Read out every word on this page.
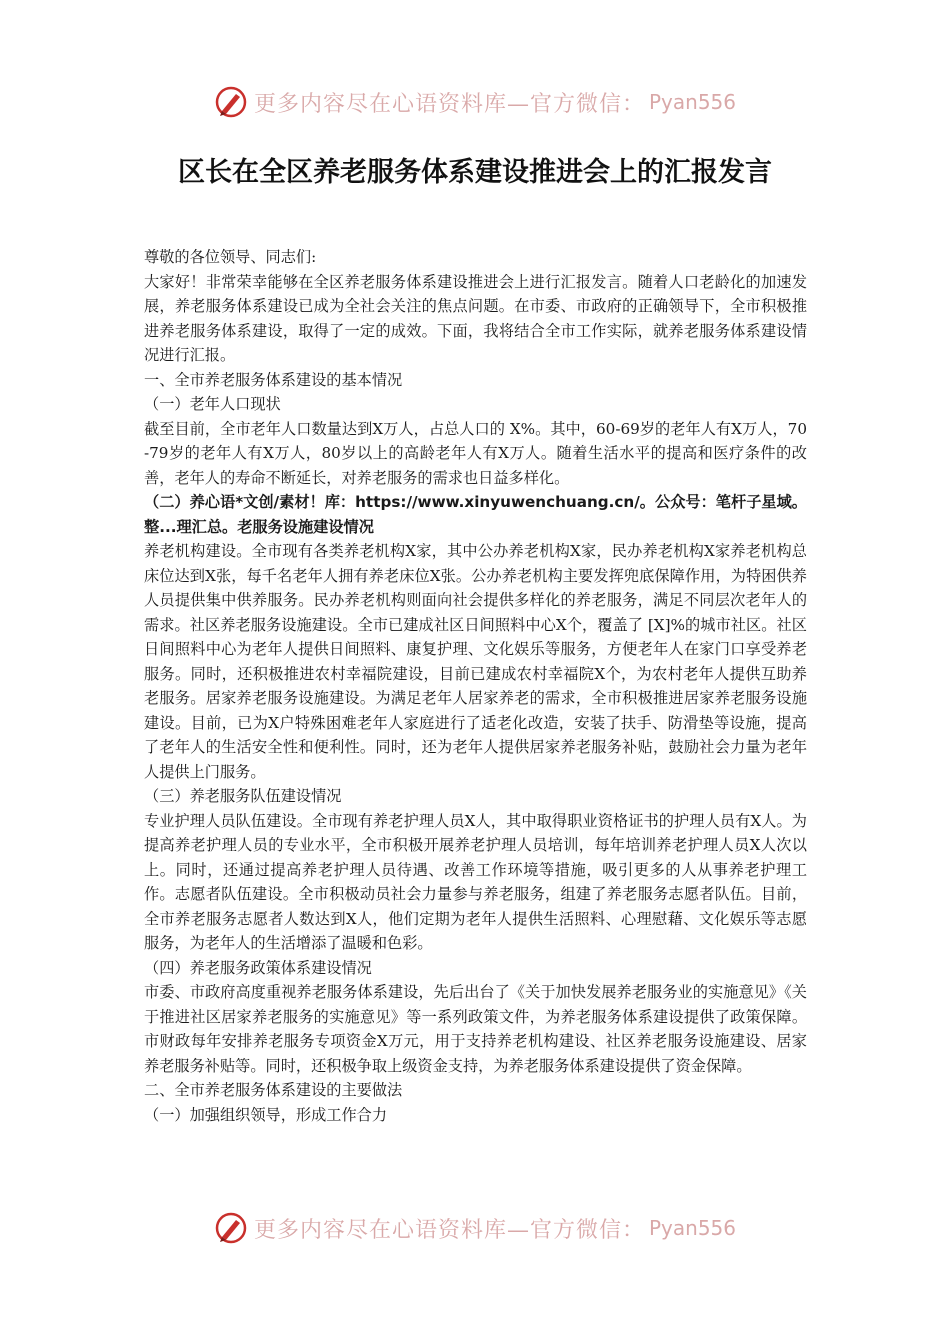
更多内容尽在心语资料库—官方微信： Pyan556
区长在全区养老服务体系建设推进会上的汇报发言

尊敬的各位领导、同志们:

大家好！非常荣幸能够在全区养老服务体系建设推进会上进行汇报发言。随着人口老龄化的加速发展，养老服务体系建设已成为全社会关注的焦点问题。在市委、市政府的正确领导下，全市积极推进养老服务体系建设，取得了一定的成效。下面，我将结合全市工作实际，就养老服务体系建设情况进行汇报。

一、全市养老服务体系建设的基本情况

（一）老年人口现状

截至目前，全市老年人口数量达到X万人，占总人口的 X%。其中，60-69岁的老年人有X万人，70-79岁的老年人有X万人，80岁以上的高龄老年人有X万人。随着生活水平的提高和医疗条件的改善，老年人的寿命不断延长，对养老服务的需求也日益多样化。

（二）养心语*文创/素材！库：https://www.xinyuwenchuang.cn/。公众号：笔杆子星域。整...理汇总。老服务设施建设情况

养老机构建设。全市现有各类养老机构X家，其中公办养老机构X家，民办养老机构X家养老机构总床位达到X张，每千名老年人拥有养老床位X张。公办养老机构主要发挥兜底保障作用，为特困供养人员提供集中供养服务。民办养老机构则面向社会提供多样化的养老服务，满足不同层次老年人的需求。社区养老服务设施建设。全市已建成社区日间照料中心X个，覆盖了 [X]%的城市社区。社区日间照料中心为老年人提供日间照料、康复护理、文化娱乐等服务，方便老年人在家门口享受养老服务。同时，还积极推进农村幸福院建设，目前已建成农村幸福院X个，为农村老年人提供互助养老服务。居家养老服务设施建设。为满足老年人居家养老的需求，全市积极推进居家养老服务设施建设。目前，已为X户特殊困难老年人家庭进行了适老化改造，安装了扶手、防滑垫等设施，提高了老年人的生活安全性和便利性。同时，还为老年人提供居家养老服务补贴，鼓励社会力量为老年人提供上门服务。

（三）养老服务队伍建设情况

专业护理人员队伍建设。全市现有养老护理人员X人，其中取得职业资格证书的护理人员有X人。为提高养老护理人员的专业水平，全市积极开展养老护理人员培训，每年培训养老护理人员X人次以上。同时，还通过提高养老护理人员待遇、改善工作环境等措施，吸引更多的人从事养老护理工作。志愿者队伍建设。全市积极动员社会力量参与养老服务，组建了养老服务志愿者队伍。目前，全市养老服务志愿者人数达到X人，他们定期为老年人提供生活照料、心理慰藉、文化娱乐等志愿服务，为老年人的生活增添了温暖和色彩。

（四）养老服务政策体系建设情况

市委、市政府高度重视养老服务体系建设，先后出台了《关于加快发展养老服务业的实施意见》《关于推进社区居家养老服务的实施意见》等一系列政策文件，为养老服务体系建设提供了政策保障。市财政每年安排养老服务专项资金X万元，用于支持养老机构建设、社区养老服务设施建设、居家养老服务补贴等。同时，还积极争取上级资金支持，为养老服务体系建设提供了资金保障。

二、全市养老服务体系建设的主要做法

（一）加强组织领导，形成工作合力

更多内容尽在心语资料库—官方微信： Pyan556
